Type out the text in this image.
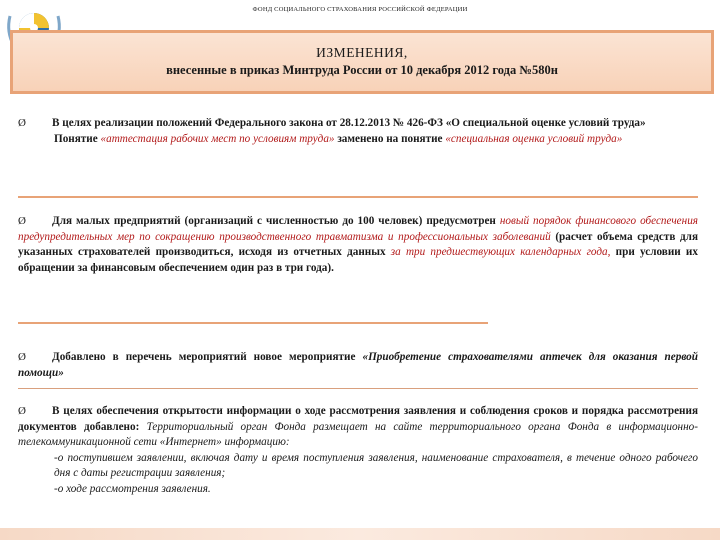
ФОНД СОЦИАЛЬНОГО СТРАХОВАНИЯ РОССИЙСКОЙ ФЕДЕРАЦИИ
ИЗМЕНЕНИЯ,
внесенные в приказ Минтруда России от 10 декабря 2012 года №580н

Ø В целях реализации положений Федерального закона от 28.12.2013 № 426-ФЗ «О специальной оценке условий труда»

Понятие «аттестация рабочих мест по условиям труда» заменено на понятие «специальная оценка условий труда»

Ø Для малых предприятий (организаций с численностью до 100 человек) предусмотрен новый порядок финансового обеспечения предупредительных мер по сокращению производственного травматизма и профессиональных заболеваний (расчет объема средств для указанных страхователей производиться, исходя из отчетных данных за три предшествующих календарных года, при условии их обращении за финансовым обеспечением один раз в три года).

Ø Добавлено в перечень мероприятий новое мероприятие «Приобретение страхователями аптечек для оказания первой помощи»

Ø В целях обеспечения открытости информации о ходе рассмотрения заявления и соблюдения сроков и порядка рассмотрения документов добавлено: Территориальный орган Фонда размещает на сайте территориального органа Фонда в информационно-телекоммуникационной сети «Интернет» информацию:

-о поступившем заявлении, включая дату и время поступления заявления, наименование страхователя, в течение одного рабочего дня с даты регистрации заявления;

-о ходе рассмотрения заявления.
